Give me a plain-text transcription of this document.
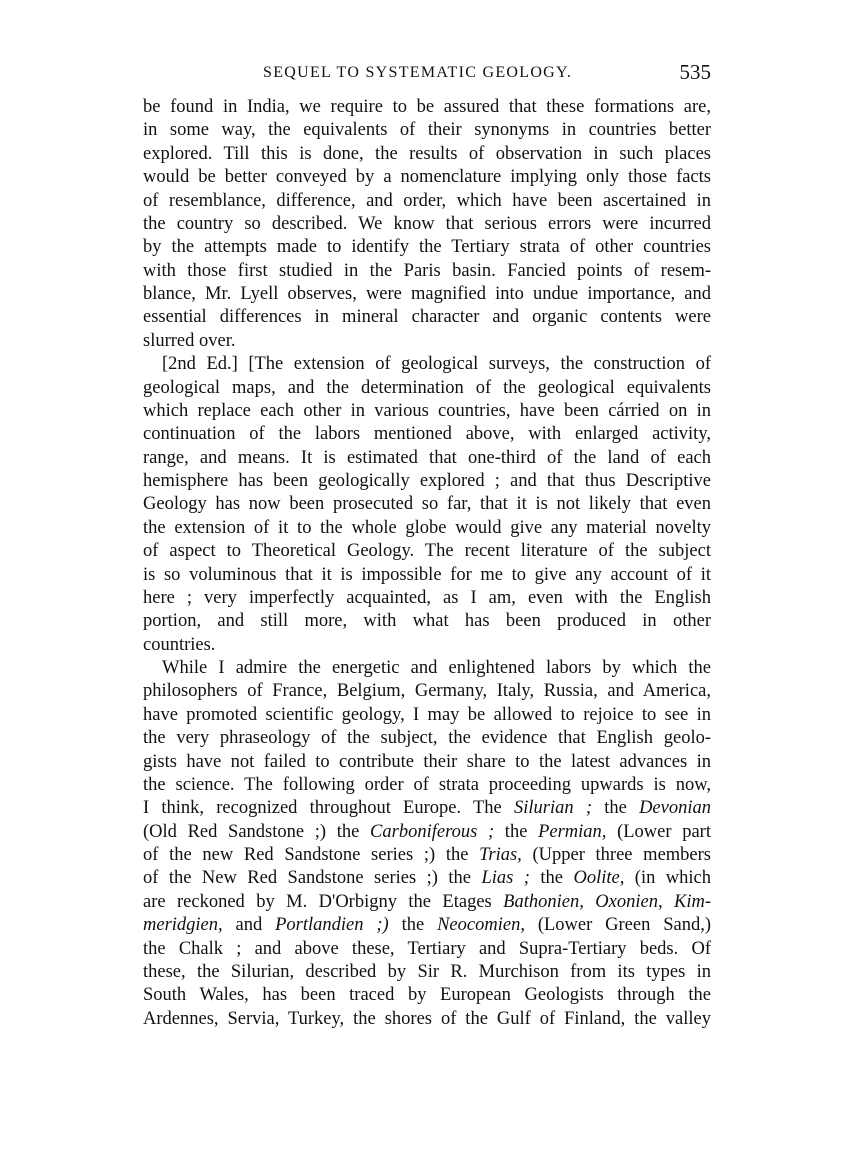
SEQUEL TO SYSTEMATIC GEOLOGY.	535
be found in India, we require to be assured that these formations are,
in some way, the equivalents of their synonyms in countries better
explored. Till this is done, the results of observation in such places
would be better conveyed by a nomenclature implying only those facts
of resemblance, difference, and order, which have been ascertained in
the country so described. We know that serious errors were incurred
by the attempts made to identify the Tertiary strata of other countries
with those first studied in the Paris basin. Fancied points of resem-
blance, Mr. Lyell observes, were magnified into undue importance, and
essential differences in mineral character and organic contents were
slurred over.
[2nd Ed.] [The extension of geological surveys, the construction of
geological maps, and the determination of the geological equivalents
which replace each other in various countries, have been cárried on in
continuation of the labors mentioned above, with enlarged activity,
range, and means. It is estimated that one-third of the land of each
hemisphere has been geologically explored ; and that thus Descriptive
Geology has now been prosecuted so far, that it is not likely that even
the extension of it to the whole globe would give any material novelty
of aspect to Theoretical Geology. The recent literature of the subject
is so voluminous that it is impossible for me to give any account of it
here ; very imperfectly acquainted, as I am, even with the English
portion, and still more, with what has been produced in other
countries.
While I admire the energetic and enlightened labors by which the
philosophers of France, Belgium, Germany, Italy, Russia, and America,
have promoted scientific geology, I may be allowed to rejoice to see in
the very phraseology of the subject, the evidence that English geolo-
gists have not failed to contribute their share to the latest advances in
the science. The following order of strata proceeding upwards is now,
I think, recognized throughout Europe. The Silurian ; the Devonian
(Old Red Sandstone ;) the Carboniferous ; the Permian, (Lower part
of the new Red Sandstone series ;) the Trias, (Upper three members
of the New Red Sandstone series ;) the Lias ; the Oolite, (in which
are reckoned by M. D'Orbigny the Etages Bathonien, Oxonien, Kim-
meridgien, and Portlandien ;) the Neocomien, (Lower Green Sand,)
the Chalk ; and above these, Tertiary and Supra-Tertiary beds. Of
these, the Silurian, described by Sir R. Murchison from its types in
South Wales, has been traced by European Geologists through the
Ardennes, Servia, Turkey, the shores of the Gulf of Finland, the valley
